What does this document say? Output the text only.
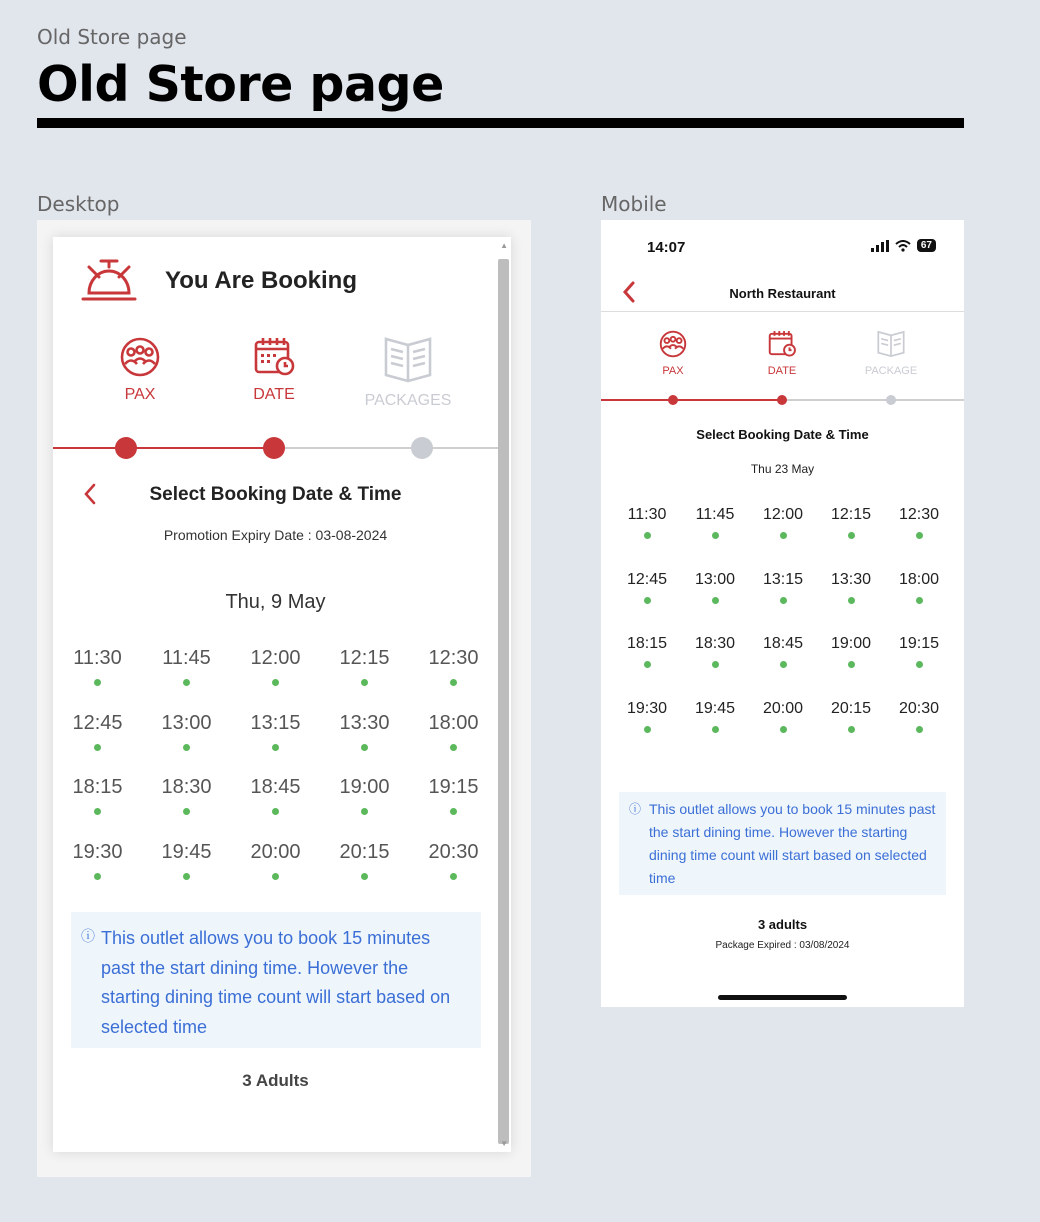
Old Store page
Old Store page
Desktop
You Are Booking
PAX	DATE	PACKAGES
Select Booking Date & Time
Promotion Expiry Date : 03-08-2024
Thu, 9 May
11:30	11:45	12:00	12:15	12:30
12:45	13:00	13:15	13:30	18:00
18:15	18:30	18:45	19:00	19:15
19:30	19:45	20:00	20:15	20:30
ⓘ This outlet allows you to book 15 minutes past the start dining time. However the starting dining time count will start based on selected time
3 Adults
▲
▼
Mobile
14:07	67
North Restaurant
PAX	DATE	PACKAGE
Select Booking Date & Time
Thu 23 May
11:30	11:45	12:00	12:15	12:30
12:45	13:00	13:15	13:30	18:00
18:15	18:30	18:45	19:00	19:15
19:30	19:45	20:00	20:15	20:30
ⓘ This outlet allows you to book 15 minutes past the start dining time. However the starting dining time count will start based on selected time
3 adults
Package Expired : 03/08/2024
